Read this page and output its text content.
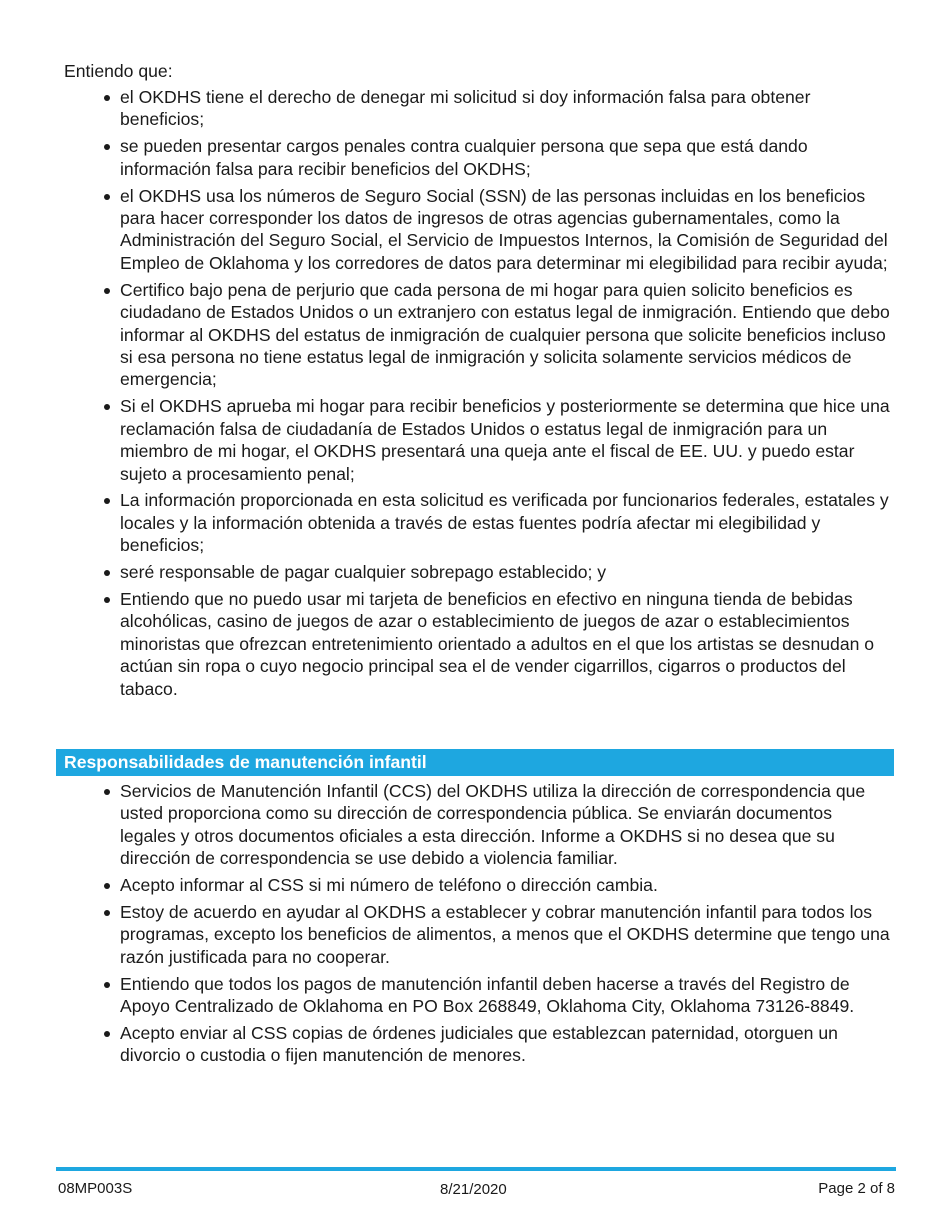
Entiendo que:

el OKDHS tiene el derecho de denegar mi solicitud si doy información falsa para obtener beneficios;
se pueden presentar cargos penales contra cualquier persona que sepa que está dando información falsa para recibir beneficios del OKDHS;
el OKDHS usa los números de Seguro Social (SSN) de las personas incluidas en los beneficios para hacer corresponder los datos de ingresos de otras agencias gubernamentales, como la Administración del Seguro Social, el Servicio de Impuestos Internos, la Comisión de Seguridad del Empleo de Oklahoma y los corredores de datos para determinar mi elegibilidad para recibir ayuda;
Certifico bajo pena de perjurio que cada persona de mi hogar para quien solicito beneficios es ciudadano de Estados Unidos o un extranjero con estatus legal de inmigración. Entiendo que debo informar al OKDHS del estatus de inmigración de cualquier persona que solicite beneficios incluso si esa persona no tiene estatus legal de inmigración y solicita solamente servicios médicos de emergencia;
Si el OKDHS aprueba mi hogar para recibir beneficios y posteriormente se determina que hice una reclamación falsa de ciudadanía de Estados Unidos o estatus legal de inmigración para un miembro de mi hogar, el OKDHS presentará una queja ante el fiscal de EE. UU. y puedo estar sujeto a procesamiento penal;
La información proporcionada en esta solicitud es verificada por funcionarios federales, estatales y locales y la información obtenida a través de estas fuentes podría afectar mi elegibilidad y beneficios;
seré responsable de pagar cualquier sobrepago establecido; y
Entiendo que no puedo usar mi tarjeta de beneficios en efectivo en ninguna tienda de bebidas alcohólicas, casino de juegos de azar o establecimiento de juegos de azar o establecimientos minoristas que ofrezcan entretenimiento orientado a adultos en el que los artistas se desnudan o actúan sin ropa o cuyo negocio principal sea el de vender cigarrillos, cigarros o productos del tabaco.
Responsabilidades de manutención infantil
Servicios de Manutención Infantil (CCS) del OKDHS utiliza la dirección de correspondencia que usted proporciona como su dirección de correspondencia pública. Se enviarán documentos legales y otros documentos oficiales a esta dirección. Informe a OKDHS si no desea que su dirección de correspondencia se use debido a violencia familiar.
Acepto informar al CSS si mi número de teléfono o dirección cambia.
Estoy de acuerdo en ayudar al OKDHS a establecer y cobrar manutención infantil para todos los programas, excepto los beneficios de alimentos, a menos que el OKDHS determine que tengo una razón justificada para no cooperar.
Entiendo que todos los pagos de manutención infantil deben hacerse a través del Registro de Apoyo Centralizado de Oklahoma en PO Box 268849, Oklahoma City, Oklahoma 73126-8849.
Acepto enviar al CSS copias de órdenes judiciales que establezcan paternidad, otorguen un divorcio o custodia o fijen manutención de menores.
08MP003S	8/21/2020	Page 2 of 8
